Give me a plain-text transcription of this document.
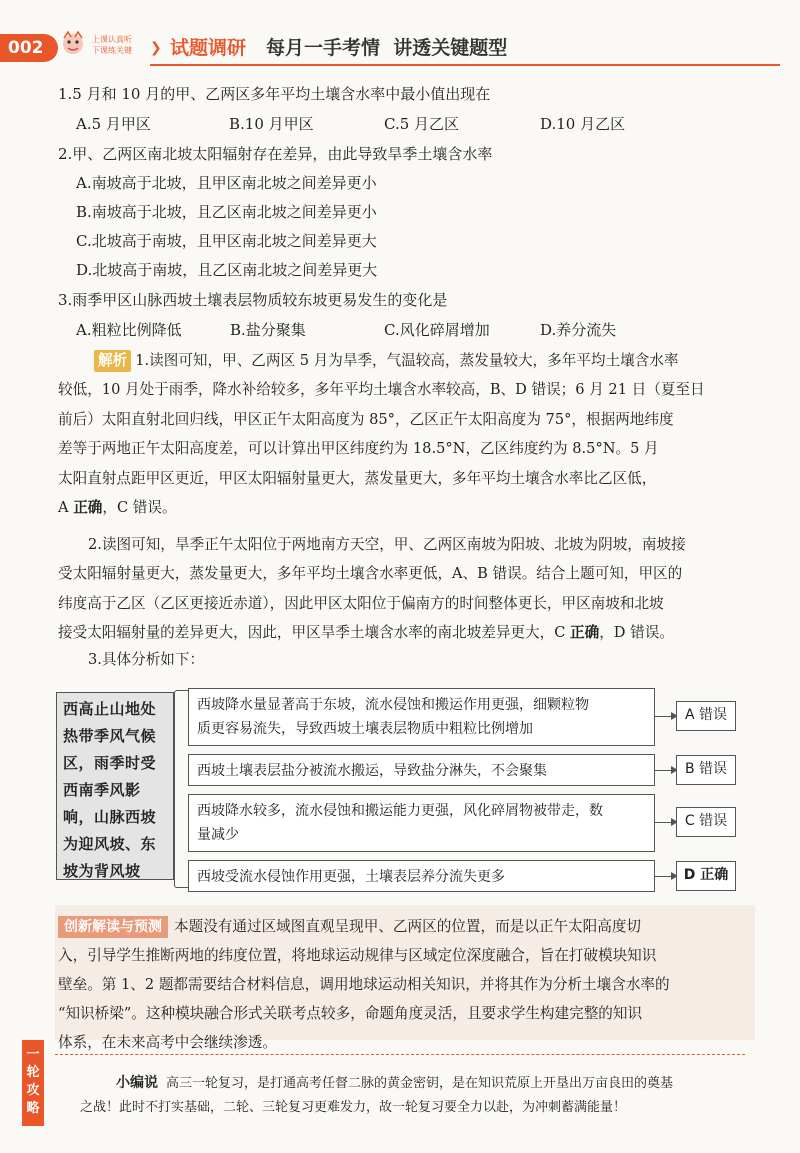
002	上课认真听
下课练关键 ❯ 试题调研 每月一手考情  讲透关键题型
1.5 月和 10 月的甲、乙两区多年平均土壤含水率中最小值出现在
A.5 月甲区	B.10 月甲区	C.5 月乙区	D.10 月乙区
2.甲、乙两区南北坡太阳辐射存在差异，由此导致旱季土壤含水率
A.南坡高于北坡，且甲区南北坡之间差异更小
B.南坡高于北坡，且乙区南北坡之间差异更小
C.北坡高于南坡，且甲区南北坡之间差异更大
D.北坡高于南坡，且乙区南北坡之间差异更大
3.雨季甲区山脉西坡土壤表层物质较东坡更易发生的变化是
A.粗粒比例降低	B.盐分聚集	C.风化碎屑增加	D.养分流失

解析 1.读图可知，甲、乙两区 5 月为旱季，气温较高，蒸发量较大，多年平均土壤含水率

较低，10 月处于雨季，降水补给较多，多年平均土壤含水率较高，B、D 错误；6 月 21 日（夏至日

前后）太阳直射北回归线，甲区正午太阳高度为 85°，乙区正午太阳高度为 75°，根据两地纬度

差等于两地正午太阳高度差，可以计算出甲区纬度约为 18.5°N，乙区纬度约为 8.5°N。5 月

太阳直射点距甲区更近，甲区太阳辐射量更大，蒸发量更大，多年平均土壤含水率比乙区低，

A 正确，C 错误。

2.读图可知，旱季正午太阳位于两地南方天空，甲、乙两区南坡为阳坡、北坡为阴坡，南坡接

受太阳辐射量更大，蒸发量更大，多年平均土壤含水率更低，A、B 错误。结合上题可知，甲区的

纬度高于乙区（乙区更接近赤道），因此甲区太阳位于偏南方的时间整体更长，甲区南坡和北坡

接受太阳辐射量的差异更大，因此，甲区旱季土壤含水率的南北坡差异更大，C 正确，D 错误。

3.具体分析如下：
西高止山地处
热带季风气候
区，雨季时受
西南季风影
响，山脉西坡
为迎风坡、东
坡为背风坡
西坡降水量显著高于东坡，流水侵蚀和搬运作用更强，细颗粒物
质更容易流失，导致西坡土壤表层物质中粗粒比例增加
A 错误
西坡土壤表层盐分被流水搬运，导致盐分淋失，不会聚集	B 错误
西坡降水较多，流水侵蚀和搬运能力更强，风化碎屑物被带走，数
量减少
C 错误
西坡受流水侵蚀作用更强，土壤表层养分流失更多	D 正确
创新解读与预测 本题没有通过区域图直观呈现甲、乙两区的位置，而是以正午太阳高度切
入，引导学生推断两地的纬度位置，将地球运动规律与区域定位深度融合，旨在打破模块知识
壁垒。第 1、2 题都需要结合材料信息，调用地球运动相关知识，并将其作为分析土壤含水率的
“知识桥梁”。这种模块融合形式关联考点较多，命题角度灵活，且要求学生构建完整的知识
体系，在未来高考中会继续渗透。
一轮攻略
小编说 高三一轮复习，是打通高考任督二脉的黄金密钥，是在知识荒原上开垦出万亩良田的奠基
之战！此时不打实基础，二轮、三轮复习更难发力，故一轮复习要全力以赴，为冲刺蓄满能量！
